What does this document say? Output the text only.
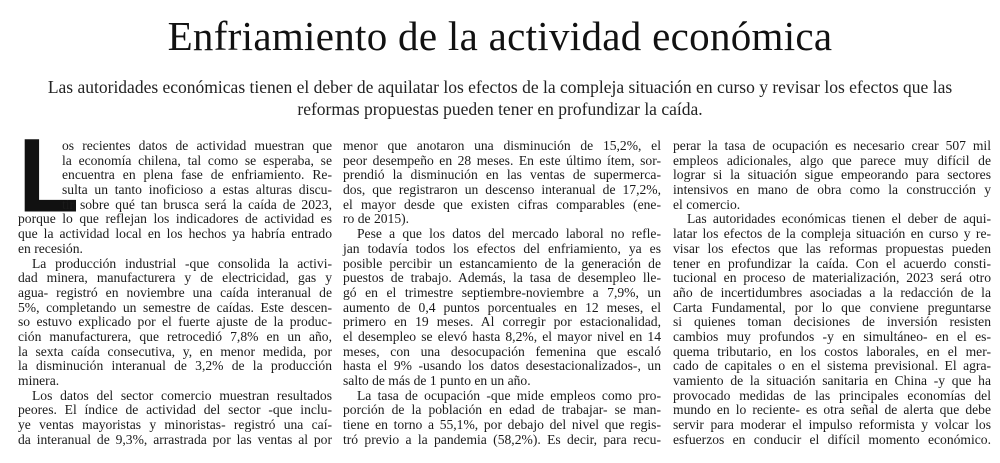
Enfriamiento de la actividad económica
Las autoridades económicas tienen el deber de aquilatar los efectos de la compleja situación en curso y revisar los efectos que las
reformas propuestas pueden tener en profundizar la caída.
L
os recientes datos de actividad muestran que
la economía chilena, tal como se esperaba, se
encuentra en plena fase de enfriamiento. Re-
sulta un tanto inoficioso a estas alturas discu-
tir sobre qué tan brusca será la caída de 2023,
porque lo que reflejan los indicadores de actividad es
que la actividad local en los hechos ya habría entrado
en recesión.
La producción industrial -que consolida la activi-
dad minera, manufacturera y de electricidad, gas y
agua- registró en noviembre una caída interanual de
5%, completando un semestre de caídas. Este descen-
so estuvo explicado por el fuerte ajuste de la produc-
ción manufacturera, que retrocedió 7,8% en un año,
la sexta caída consecutiva, y, en menor medida, por
la disminución interanual de 3,2% de la producción
minera.
Los datos del sector comercio muestran resultados
peores. El índice de actividad del sector -que inclu-
ye ventas mayoristas y minoristas- registró una caí-
da interanual de 9,3%, arrastrada por las ventas al por
menor que anotaron una disminución de 15,2%, el
peor desempeño en 28 meses. En este último ítem, sor-
prendió la disminución en las ventas de supermerca-
dos, que registraron un descenso interanual de 17,2%,
el mayor desde que existen cifras comparables (ene-
ro de 2015).
Pese a que los datos del mercado laboral no refle-
jan todavía todos los efectos del enfriamiento, ya es
posible percibir un estancamiento de la generación de
puestos de trabajo. Además, la tasa de desempleo lle-
gó en el trimestre septiembre-noviembre a 7,9%, un
aumento de 0,4 puntos porcentuales en 12 meses, el
primero en 19 meses. Al corregir por estacionalidad,
el desempleo se elevó hasta 8,2%, el mayor nivel en 14
meses, con una desocupación femenina que escaló
hasta el 9% -usando los datos desestacionalizados-, un
salto de más de 1 punto en un año.
La tasa de ocupación -que mide empleos como pro-
porción de la población en edad de trabajar- se man-
tiene en torno a 55,1%, por debajo del nivel que regis-
tró previo a la pandemia (58,2%). Es decir, para recu-
perar la tasa de ocupación es necesario crear 507 mil
empleos adicionales, algo que parece muy difícil de
lograr si la situación sigue empeorando para sectores
intensivos en mano de obra como la construcción y
el comercio.
Las autoridades económicas tienen el deber de aqui-
latar los efectos de la compleja situación en curso y re-
visar los efectos que las reformas propuestas pueden
tener en profundizar la caída. Con el acuerdo consti-
tucional en proceso de materialización, 2023 será otro
año de incertidumbres asociadas a la redacción de la
Carta Fundamental, por lo que conviene preguntarse
si quienes toman decisiones de inversión resisten
cambios muy profundos -y en simultáneo- en el es-
quema tributario, en los costos laborales, en el mer-
cado de capitales o en el sistema previsional. El agra-
vamiento de la situación sanitaria en China -y que ha
provocado medidas de las principales economías del
mundo en lo reciente- es otra señal de alerta que debe
servir para moderar el impulso reformista y volcar los
esfuerzos en conducir el difícil momento económico.
